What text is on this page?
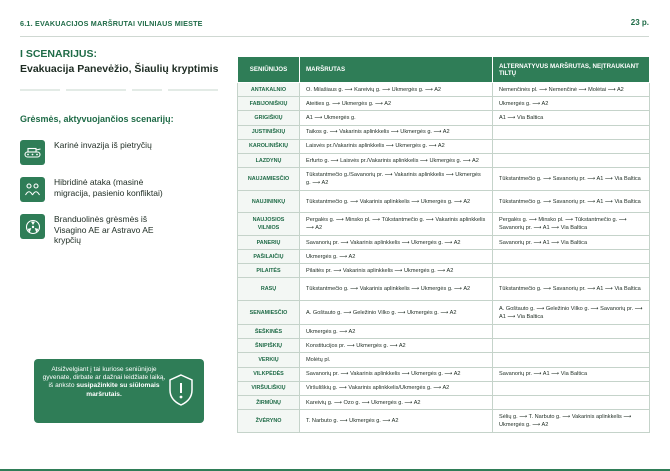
6.1. EVAKUACIJOS MARŠRUTAI VILNIAUS MIESTE	23 p.
I SCENARIJUS:
Evakuacija Panevėžio, Šiaulių kryptimis
Grėsmės, aktyvuojančios scenarijų:
Karinė invazija iš pietryčių
Hibridinė ataka (masinė migracija, pasienio konfliktai)
Branduolinės grėsmės iš Visagino AE ar Astravo AE krypčių
Atsižvelgiant į tai kuriose seniūnijoje gyvenate, dirbate ar dažnai leidžiate laiką, iš anksto susipažinkite su siūlomais maršrutais.
SENIŪNIJOS	MARŠRUTAS	ALTERNATYVUS MARŠRUTAS, NEĮTRAUKIANT TILTŲ
ANTAKALNIO	O. Milašiaus g. ⟶ Kareivių g. ⟶ Ukmergės g. ⟶ A2	Nemenčinės pl. ⟶ Nemenčinė ⟶ Molėtai ⟶ A2
FABIJONIŠKIŲ	Ateities g. ⟶ Ukmergės g. ⟶ A2	Ukmergės g. ⟶ A2
GRIGIŠKIŲ	A1 ⟶ Ukmergės g.	A1 ⟶ Via Baltica
JUSTINIŠKIŲ	Taikos g. ⟶ Vakarinis aplinkkelis ⟶ Ukmergės g. ⟶ A2	
KAROLINIŠKIŲ	Laisvės pr./Vakarinis aplinkkelis ⟶ Ukmergės g. ⟶ A2	
LAZDYNŲ	Erfurto g. ⟶ Laisvės pr./Vakarinis aplinkkelis ⟶ Ukmergės g. ⟶ A2	
NAUJAMIESČIO	Tūkstantmečio g./Savanorių pr. ⟶ Vakarinis aplinkkelis ⟶ Ukmergės g. ⟶ A2	Tūkstantmečio g. ⟶ Savanorių pr. ⟶ A1 ⟶ Via Baltica
NAUJININKŲ	Tūkstantmečio g. ⟶ Vakarinis aplinkkelis ⟶ Ukmergės g. ⟶ A2	Tūkstantmečio g. ⟶ Savanorių pr. ⟶ A1 ⟶ Via Baltica
NAUJOSIOS VILNIOS	Pergalės g. ⟶ Minsko pl. ⟶ Tūkstantmečio g. ⟶ Vakarinis aplinkkelis ⟶ A2	Pergalės g. ⟶ Minsko pl. ⟶ Tūkstantmečio g. ⟶ Savanorių pr. ⟶ A1 ⟶ Via Baltica
PANERIŲ	Savanorių pr. ⟶ Vakarinis aplinkkelis ⟶ Ukmergės g. ⟶ A2	Savanorių pr. ⟶ A1 ⟶ Via Baltica
PAŠILAIČIŲ	Ukmergės g. ⟶ A2	
PILAITĖS	Pilaitės pr. ⟶ Vakarinis aplinkkelis ⟶ Ukmergės g. ⟶ A2	
RASŲ	Tūkstantmečio g. ⟶ Vakarinis aplinkkelis ⟶ Ukmergės g. ⟶ A2	Tūkstantmečio g. ⟶ Savanorių pr. ⟶ A1 ⟶ Via Baltica
SENAMIESČIO	A. Goštauto g. ⟶ Geležinio Vilko g. ⟶ Ukmergės g. ⟶ A2	A. Goštauto g. ⟶ Geležinio Vilko g. ⟶ Savanorių pr. ⟶ A1 ⟶ Via Baltica
ŠEŠKINĖS	Ukmergės g. ⟶ A2	
ŠNIPIŠKIŲ	Konstitucijos pr. ⟶ Ukmergės g. ⟶ A2	
VERKIŲ	Molėtų pl.	
VILKPĖDĖS	Savanorių pr. ⟶ Vakarinis aplinkkelis ⟶ Ukmergės g. ⟶ A2	Savanorių pr. ⟶ A1 ⟶ Via Baltica
VIRŠULIŠKIŲ	Viršuliškių g. ⟶ Vakarinis aplinkkelis/Ukmergės g. ⟶ A2	
ŽIRMŪNŲ	Kareivių g. ⟶ Ozo g. ⟶ Ukmergės g. ⟶ A2	
ŽVĖRYNO	T. Narbuto g. ⟶ Ukmergės g. ⟶ A2	Sėlių g. ⟶ T. Narbuto g. ⟶ Vakarinis aplinkkelis ⟶ Ukmergės g. ⟶ A2
